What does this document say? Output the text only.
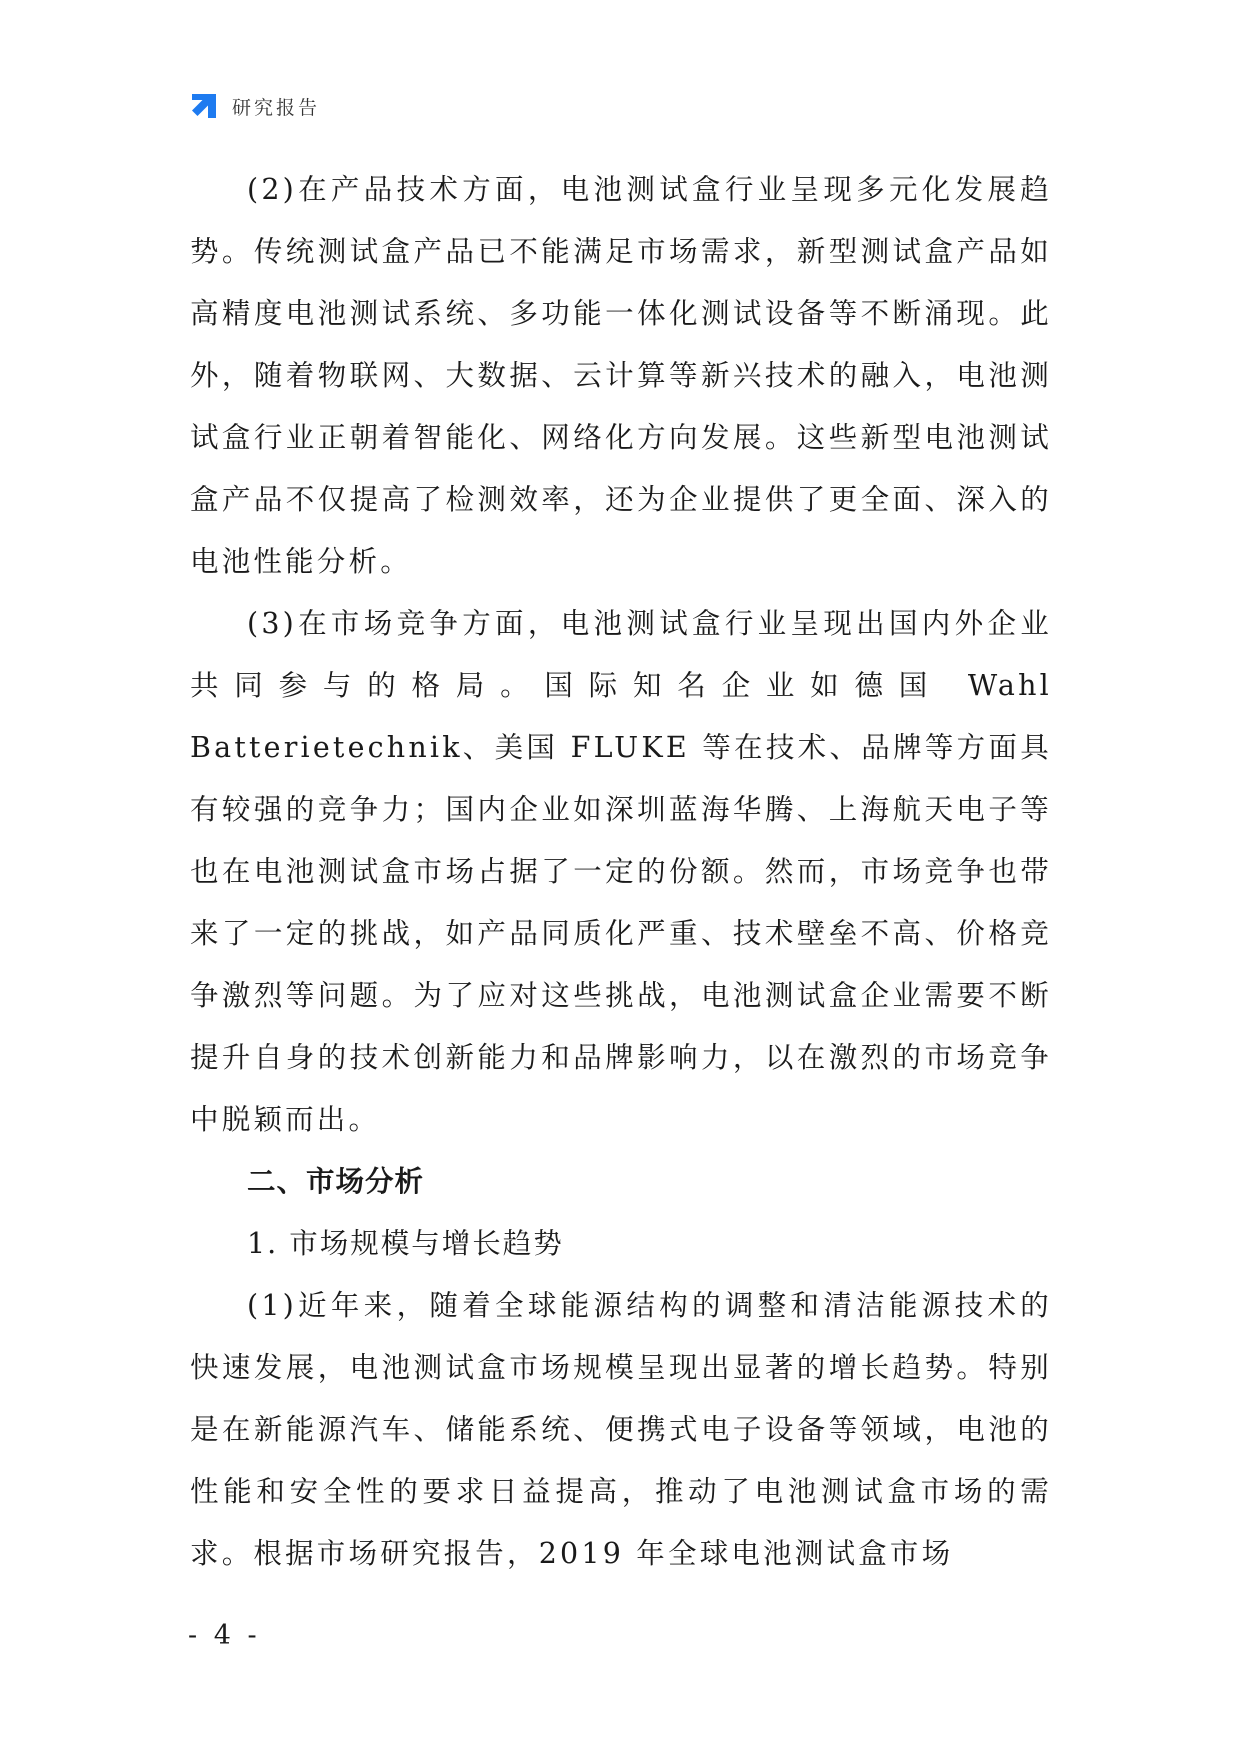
研究报告

(2)在产品技术方面，电池测试盒行业呈现多元化发展趋势。传统测试盒产品已不能满足市场需求，新型测试盒产品如高精度电池测试系统、多功能一体化测试设备等不断涌现。此外，随着物联网、大数据、云计算等新兴技术的融入，电池测试盒行业正朝着智能化、网络化方向发展。这些新型电池测试盒产品不仅提高了检测效率，还为企业提供了更全面、深入的电池性能分析。

(3)在市场竞争方面，电池测试盒行业呈现出国内外企业共同参与的格局。国际知名企业如德国 Wahl Batterietechnik、美国 FLUKE 等在技术、品牌等方面具有较强的竞争力；国内企业如深圳蓝海华腾、上海航天电子等也在电池测试盒市场占据了一定的份额。然而，市场竞争也带来了一定的挑战，如产品同质化严重、技术壁垒不高、价格竞争激烈等问题。为了应对这些挑战，电池测试盒企业需要不断提升自身的技术创新能力和品牌影响力，以在激烈的市场竞争中脱颖而出。

二、市场分析

1. 市场规模与增长趋势

(1)近年来，随着全球能源结构的调整和清洁能源技术的快速发展，电池测试盒市场规模呈现出显著的增长趋势。特别是在新能源汽车、储能系统、便携式电子设备等领域，电池的性能和安全性的要求日益提高，推动了电池测试盒市场的需求。根据市场研究报告，2019 年全球电池测试盒市场

- 4 -
